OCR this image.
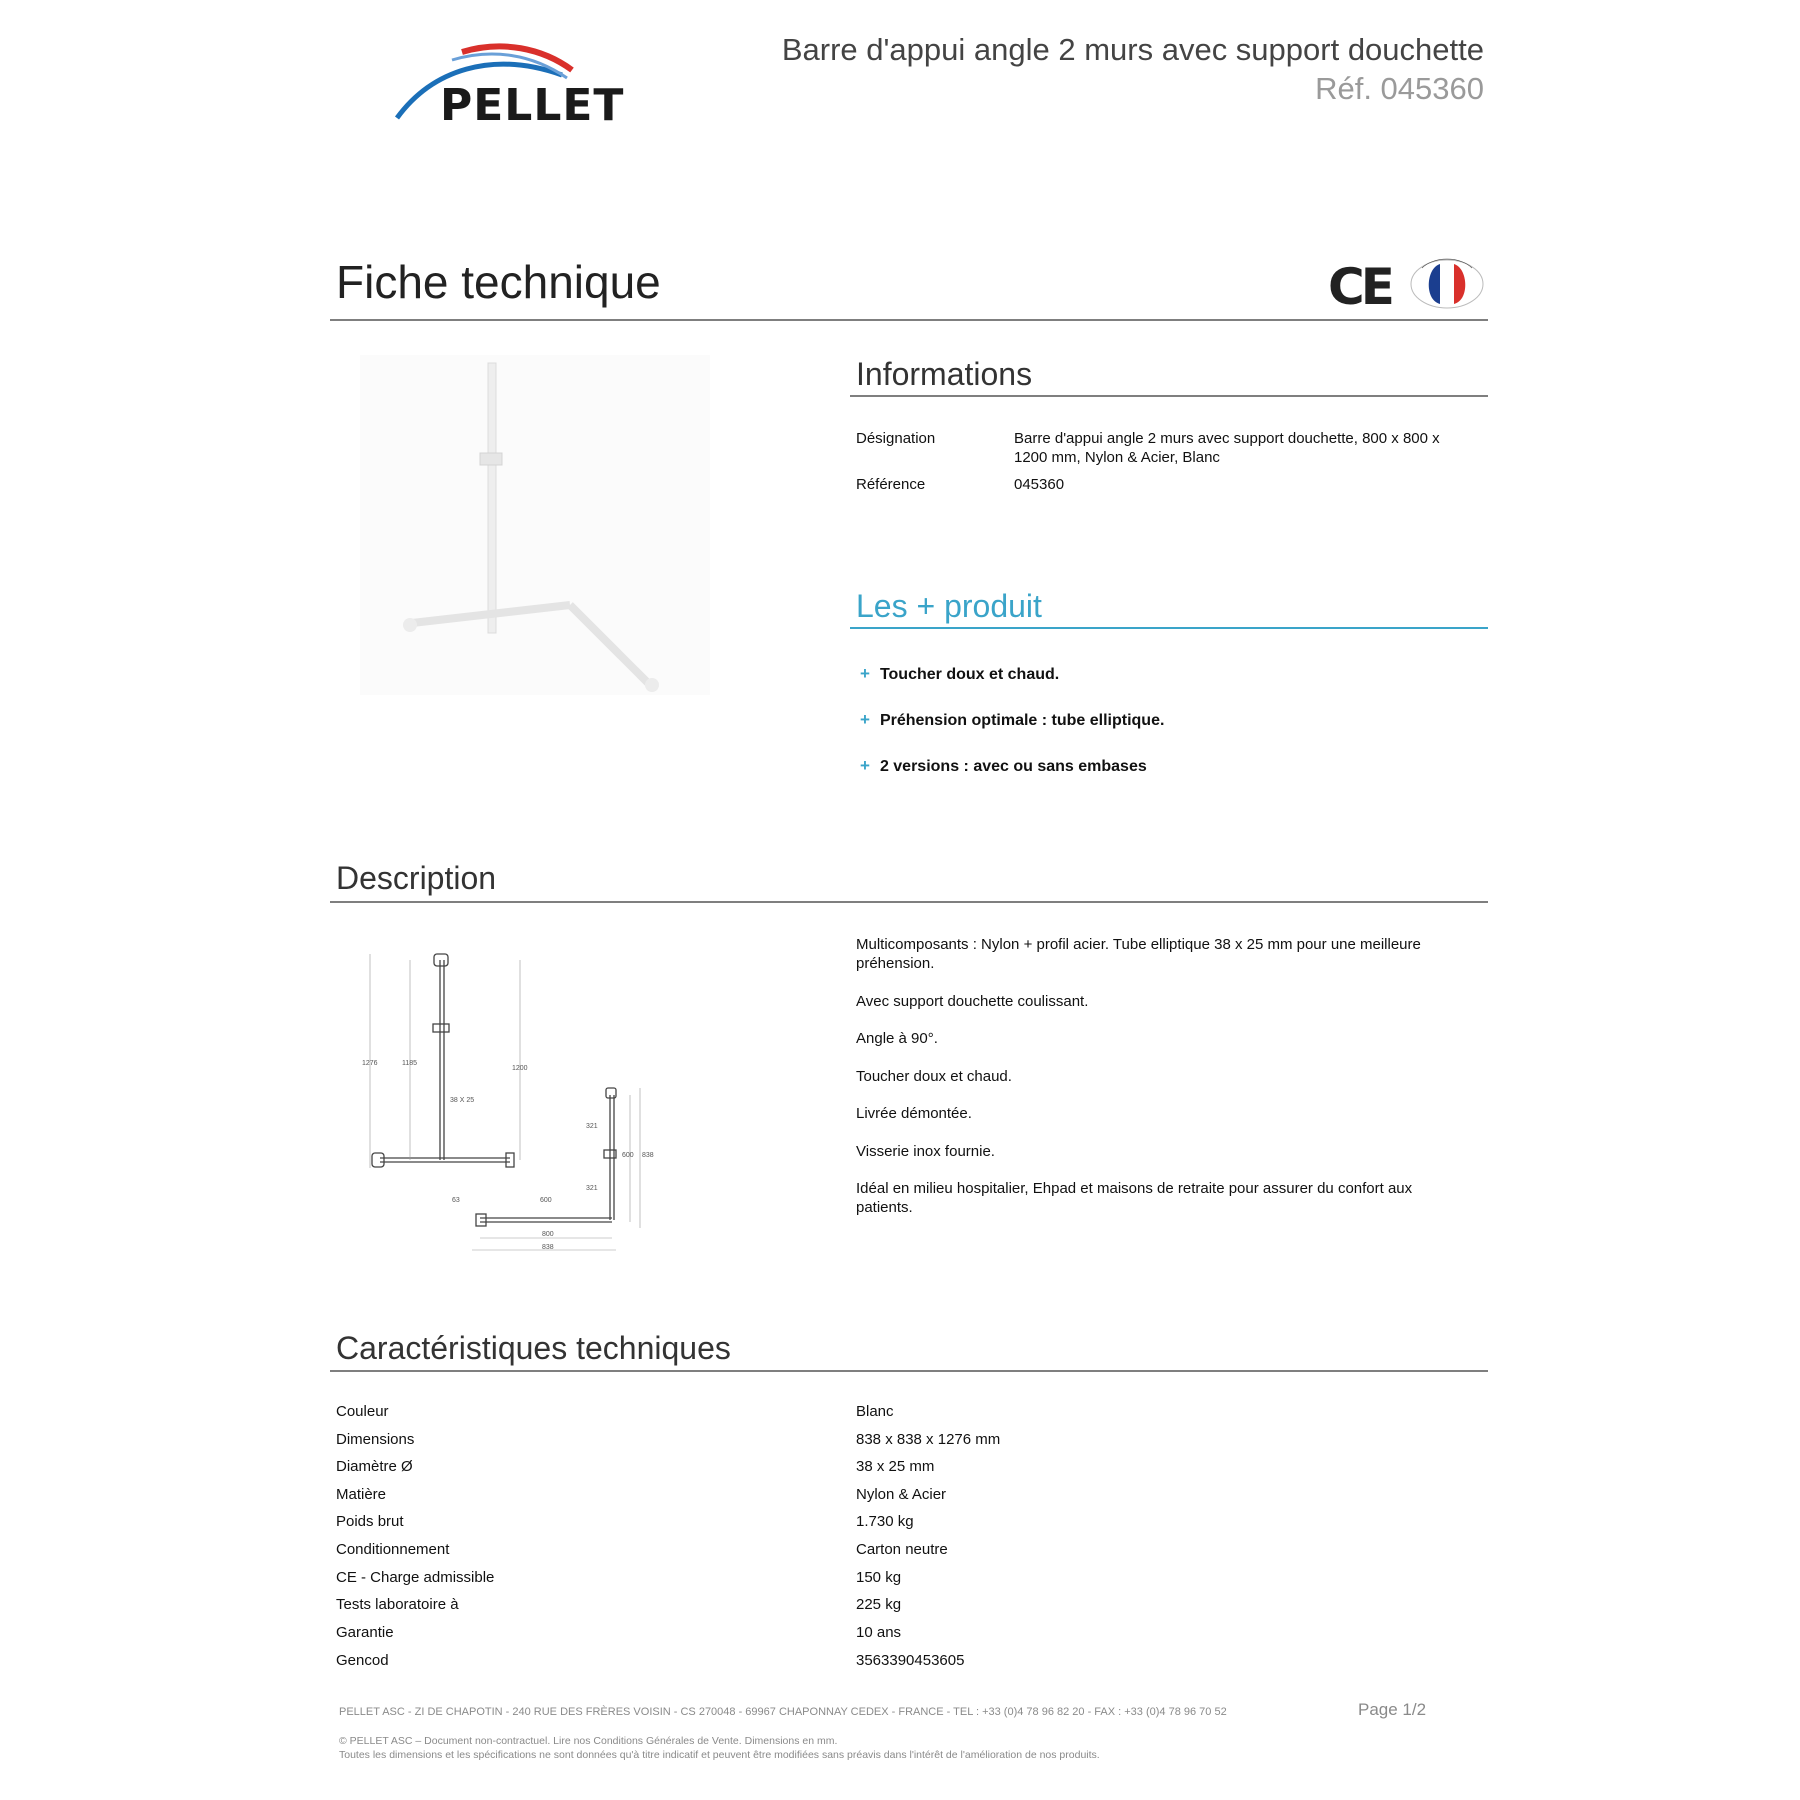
PELLET
Barre d'appui angle 2 murs avec support douchette
Réf. 045360
Fiche technique	CE
Informations
Désignation	Barre d'appui angle 2 murs avec support douchette, 800 x 800 x 1200 mm, Nylon & Acier, Blanc
Référence	045360
Les + produit
+ Toucher doux et chaud.
+ Préhension optimale : tube elliptique.
+ 2 versions : avec ou sans embases
Description
1276	1185
1200
38 X 25
321
321
600 838
63	600
800
838

Multicomposants : Nylon + profil acier. Tube elliptique 38 x 25 mm pour une meilleure préhension.

Avec support douchette coulissant.

Angle à 90°.

Toucher doux et chaud.

Livrée démontée.

Visserie inox fournie.

Idéal en milieu hospitalier, Ehpad et maisons de retraite pour assurer du confort aux patients.

Caractéristiques techniques
Couleur	Blanc
Dimensions	838 x 838 x 1276 mm
Diamètre Ø	38 x 25 mm
Matière	Nylon & Acier
Poids brut	1.730 kg
Conditionnement	Carton neutre
CE - Charge admissible	150 kg
Tests laboratoire à	225 kg
Garantie	10 ans
Gencod	3563390453605
PELLET ASC - ZI DE CHAPOTIN - 240 RUE DES FRÈRES VOISIN - CS 270048 - 69967 CHAPONNAY CEDEX - FRANCE - TEL : +33 (0)4 78 96 82 20 - FAX : +33 (0)4 78 96 70 52	Page 1/2
© PELLET ASC – Document non-contractuel. Lire nos Conditions Générales de Vente. Dimensions en mm.
Toutes les dimensions et les spécifications ne sont données qu'à titre indicatif et peuvent être modifiées sans préavis dans l'intérêt de l'amélioration de nos produits.
